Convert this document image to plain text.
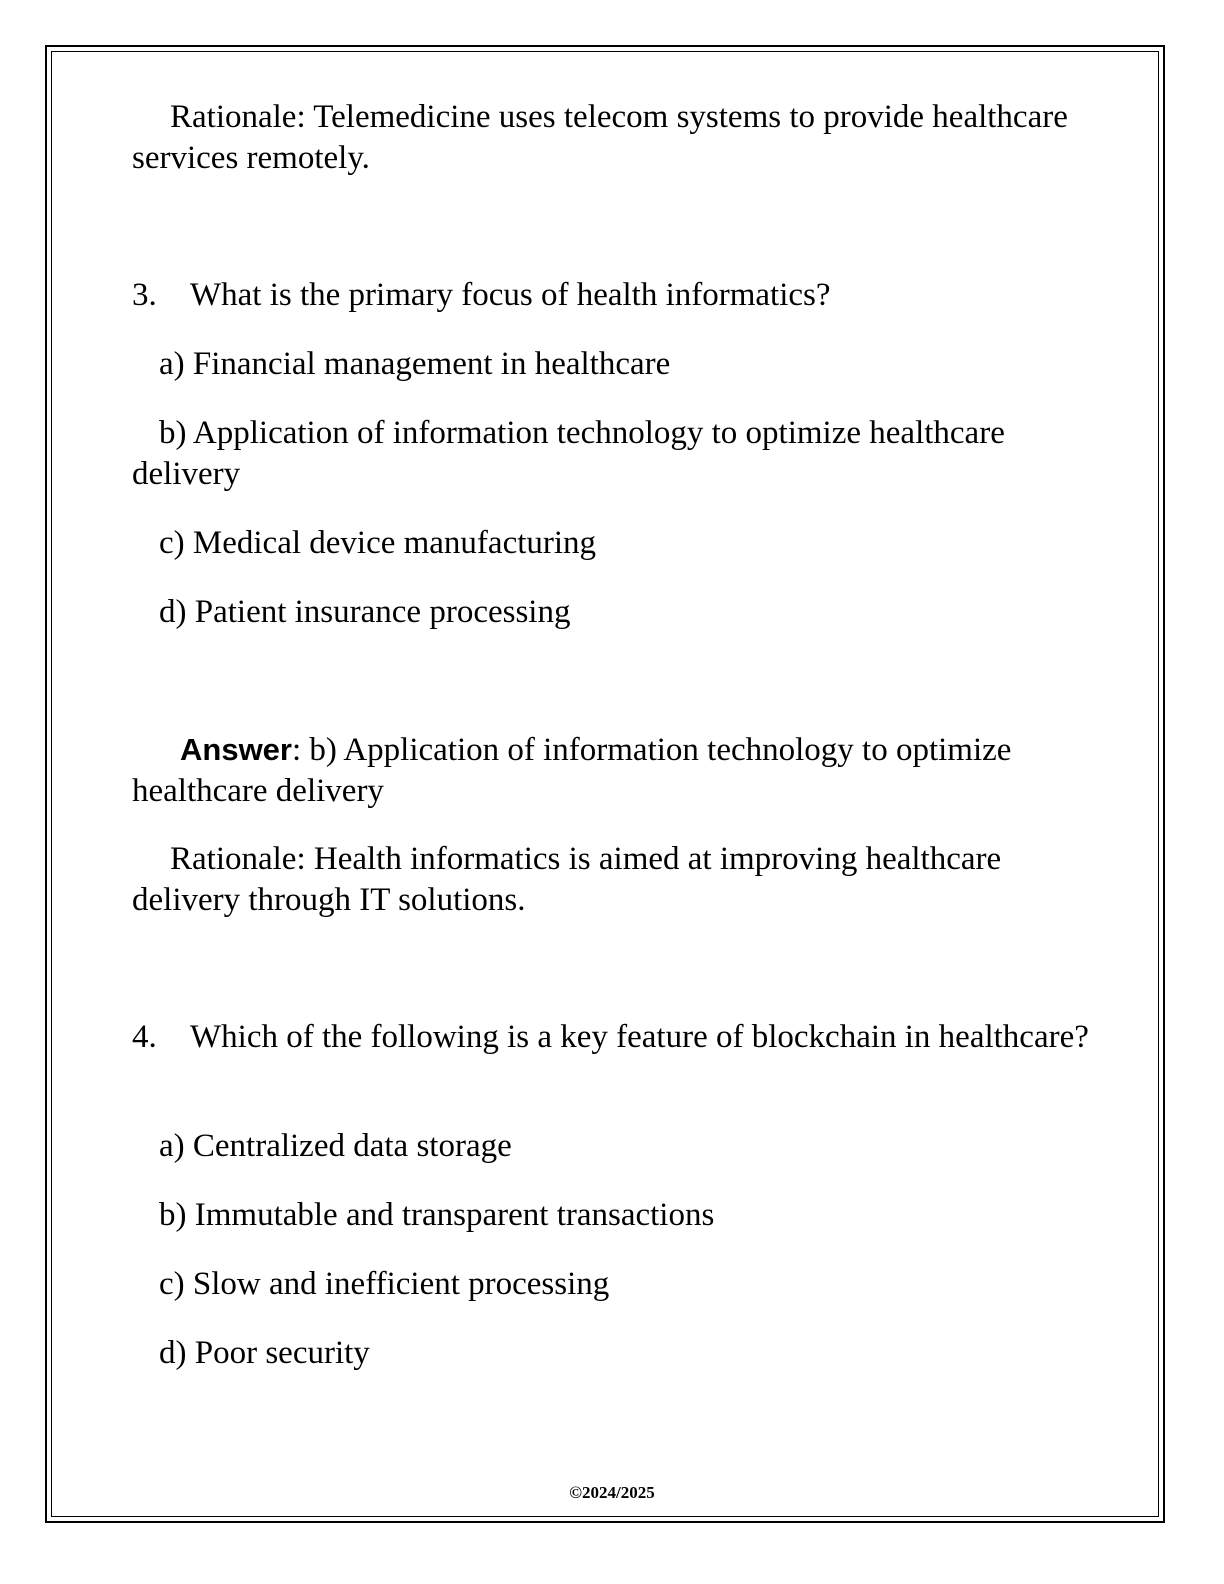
Rationale: Telemedicine uses telecom systems to provide healthcare services remotely.

3. What is the primary focus of health informatics?

a) Financial management in healthcare

b) Application of information technology to optimize healthcare delivery

c) Medical device manufacturing

d) Patient insurance processing

Answer: b) Application of information technology to optimize healthcare delivery

Rationale: Health informatics is aimed at improving healthcare delivery through IT solutions.

4. Which of the following is a key feature of blockchain in healthcare?

a) Centralized data storage

b) Immutable and transparent transactions

c) Slow and inefficient processing

d) Poor security

©2024/2025
